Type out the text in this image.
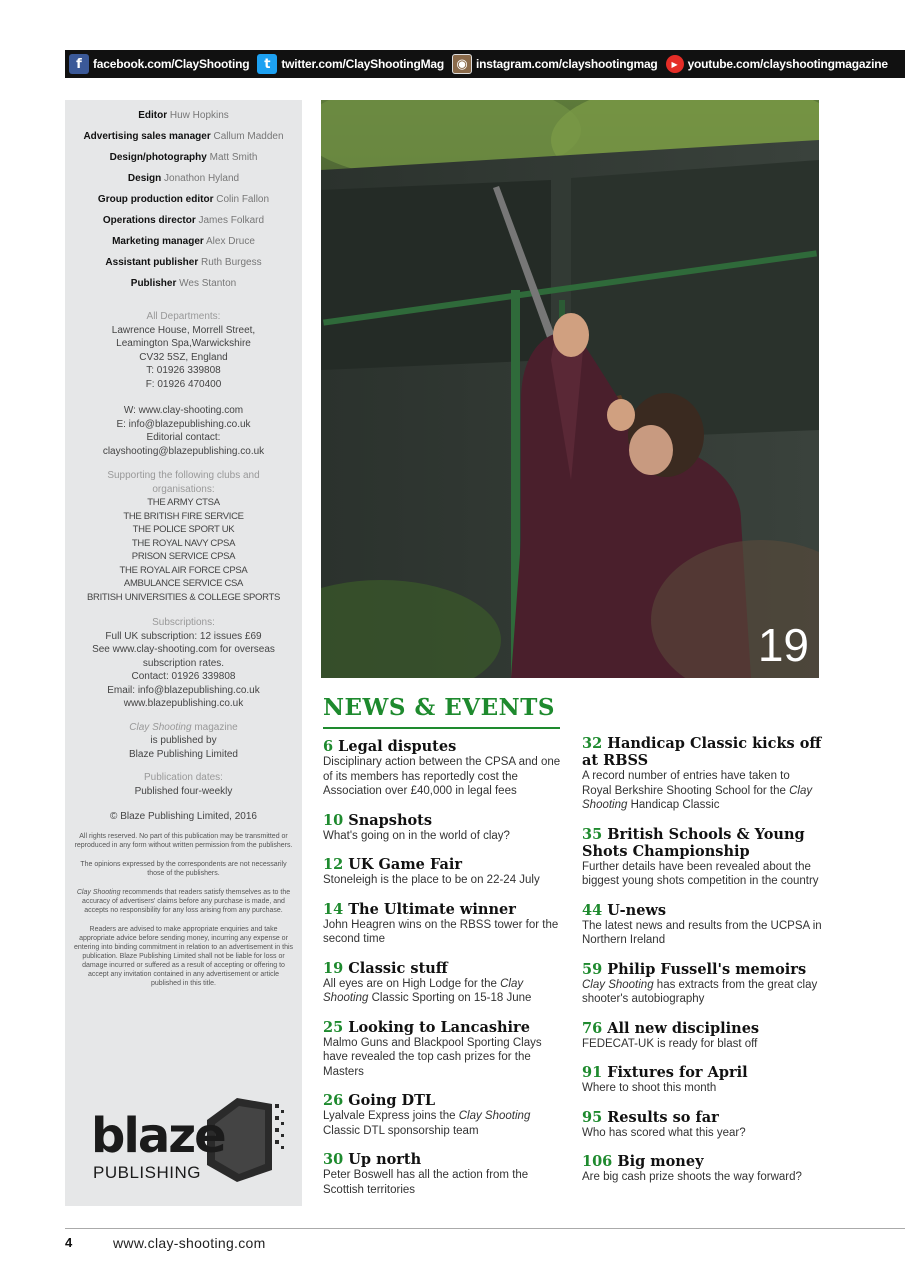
f facebook.com/ClayShooting	t twitter.com/ClayShootingMag ◉ instagram.com/clayshootingmag	▶ youtube.com/clayshootingmagazine
Editor Huw Hopkins
Advertising sales manager Callum Madden
Design/photography Matt Smith
Design Jonathon Hyland
Group production editor Colin Fallon
Operations director James Folkard
Marketing manager Alex Druce
Assistant publisher Ruth Burgess
Publisher Wes Stanton
All Departments:
Lawrence House, Morrell Street,
Leamington Spa,Warwickshire
CV32 5SZ, England
T: 01926 339808
F: 01926 470400
W: www.clay-shooting.com
E: info@blazepublishing.co.uk
Editorial contact:
clayshooting@blazepublishing.co.uk
Supporting the following clubs and organisations:
THE ARMY CTSA
THE BRITISH FIRE SERVICE
THE POLICE SPORT UK
THE ROYAL NAVY CPSA
PRISON SERVICE CPSA
THE ROYAL AIR FORCE CPSA
AMBULANCE SERVICE CSA
BRITISH UNIVERSITIES & COLLEGE SPORTS
Subscriptions:
Full UK subscription: 12 issues £69
See www.clay-shooting.com for overseas subscription rates.
Contact: 01926 339808
Email: info@blazepublishing.co.uk
www.blazepublishing.co.uk
Clay Shooting magazine
is published by
Blaze Publishing Limited
Publication dates:
Published four-weekly
© Blaze Publishing Limited, 2016
All rights reserved. No part of this publication may be transmitted or reproduced in any form without written permission from the publishers.
The opinions expressed by the correspondents are not necessarily those of the publishers.
Clay Shooting recommends that readers satisfy themselves as to the accuracy of advertisers' claims before any purchase is made, and accepts no responsibility for any loss arising from any purchase.
Readers are advised to make appropriate enquiries and take appropriate advice before sending money, incurring any expense or entering into binding commitment in relation to an advertisement in this publication. Blaze Publishing Limited shall not be liable for loss or damage incurred or suffered as a result of accepting or offering to accept any invitation contained in any advertisement or article published in this title.
blaze
PUBLISHING
19
NEWS & EVENTS
6 Legal disputes
Disciplinary action between the CPSA and one of its members has reportedly cost the Association over £40,000 in legal fees
10 Snapshots
What's going on in the world of clay?
12 UK Game Fair
Stoneleigh is the place to be on 22-24 July
14 The Ultimate winner
John Heagren wins on the RBSS tower for the second time
19 Classic stuff
All eyes are on High Lodge for the Clay Shooting Classic Sporting on 15-18 June
25 Looking to Lancashire
Malmo Guns and Blackpool Sporting Clays have revealed the top cash prizes for the Masters
26 Going DTL
Lyalvale Express joins the Clay Shooting Classic DTL sponsorship team
30 Up north
Peter Boswell has all the action from the Scottish territories
32 Handicap Classic kicks off at RBSS
A record number of entries have taken to Royal Berkshire Shooting School for the Clay Shooting Handicap Classic
35 British Schools & Young Shots Championship
Further details have been revealed about the biggest young shots competition in the country
44 U-news
The latest news and results from the UCPSA in Northern Ireland
59 Philip Fussell's memoirs
Clay Shooting has extracts from the great clay shooter's autobiography
76 All new disciplines
FEDECAT-UK is ready for blast off
91 Fixtures for April
Where to shoot this month
95 Results so far
Who has scored what this year?
106 Big money
Are big cash prize shoots the way forward?
4	www.clay-shooting.com
